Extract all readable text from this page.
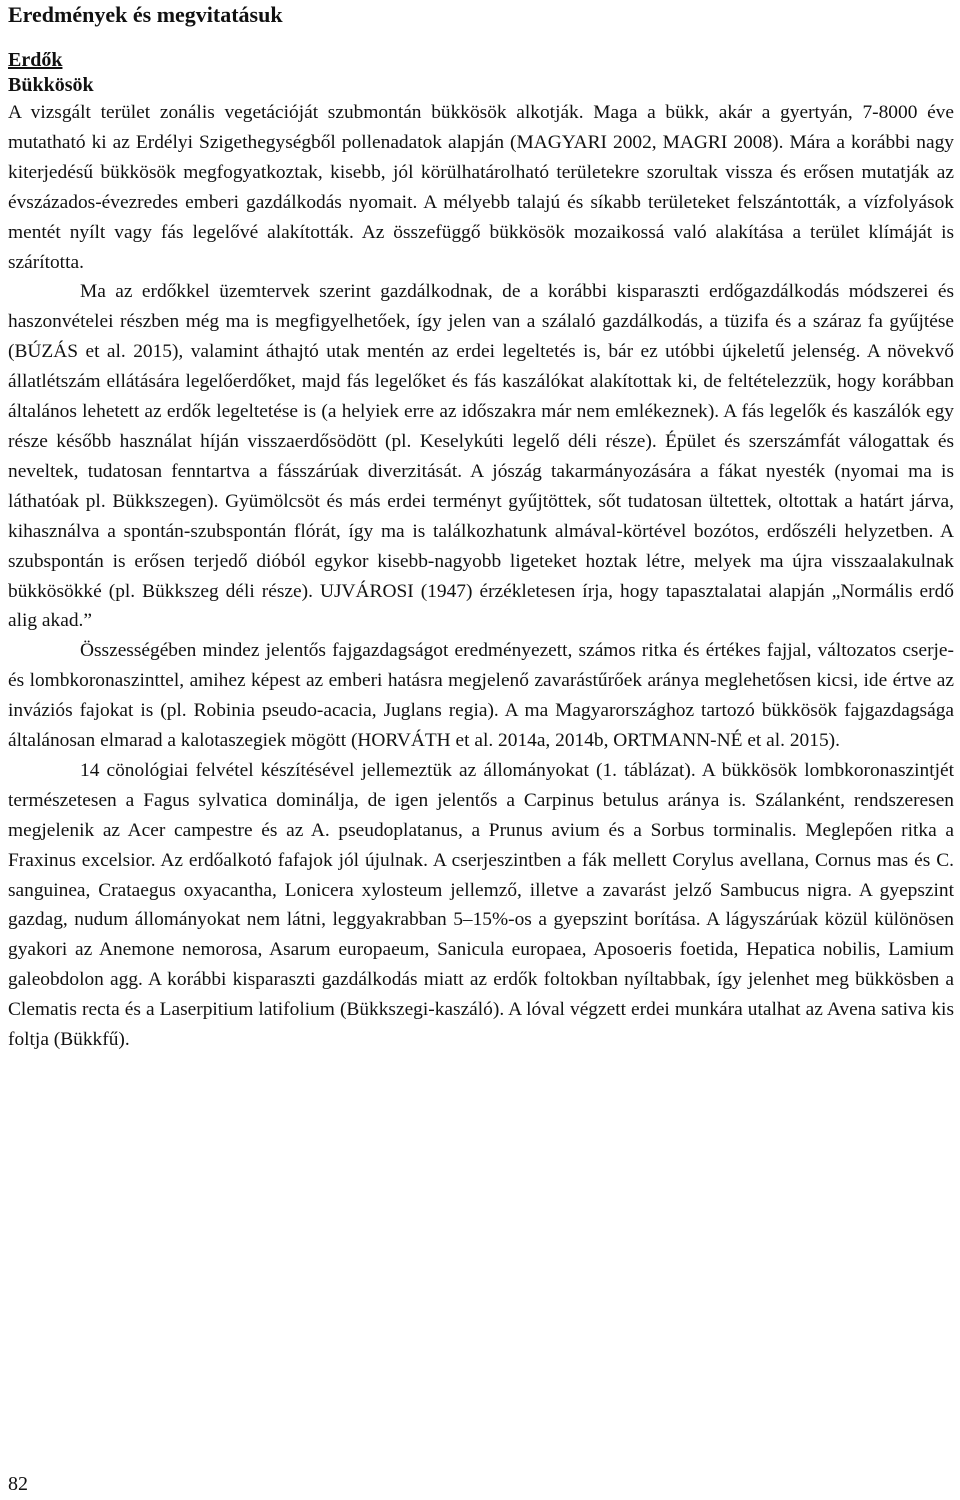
Eredmények és megvitatásuk
Erdők
Bükkösök

A vizsgált terület zonális vegetációját szubmontán bükkösök alkotják. Maga a bükk, akár a gyertyán, 7-8000 éve mutatható ki az Erdélyi Szigethegységből pollenadatok alapján (MAGYARI 2002, MAGRI 2008). Mára a korábbi nagy kiterjedésű bükkösök megfogyatkoztak, kisebb, jól körülhatárolható területekre szorultak vissza és erősen mutatják az évszázados-évezredes emberi gazdálkodás nyomait. A mélyebb talajú és síkabb területeket felszántották, a vízfolyások mentét nyílt vagy fás legelővé alakították. Az összefüggő bükkösök mozaikossá való alakítása a terület klímáját is szárította.

Ma az erdőkkel üzemtervek szerint gazdálkodnak, de a korábbi kisparaszti erdőgazdálkodás módszerei és haszonvételei részben még ma is megfigyelhetőek, így jelen van a szálaló gazdálkodás, a tüzifa és a száraz fa gyűjtése (BÚZÁS et al. 2015), valamint áthajtó utak mentén az erdei legeltetés is, bár ez utóbbi újkeletű jelenség. A növekvő állatlétszám ellátására legelőerdőket, majd fás legelőket és fás kaszálókat alakítottak ki, de feltételezzük, hogy korábban általános lehetett az erdők legeltetése is (a helyiek erre az időszakra már nem emlékeznek). A fás legelők és kaszálók egy része később használat híján visszaerdősödött (pl. Keselykúti legelő déli része). Épület és szerszámfát válogattak és neveltek, tudatosan fenntartva a fásszárúak diverzitását. A jószág takarmányozására a fákat nyesték (nyomai ma is láthatóak pl. Bükkszegen). Gyümölcsöt és más erdei terményt gyűjtöttek, sőt tudatosan ültettek, oltottak a határt járva, kihasználva a spontán-szubspontán flórát, így ma is találkozhatunk almával-körtével bozótos, erdőszéli helyzetben. A szubspontán is erősen terjedő dióból egykor kisebb-nagyobb ligeteket hoztak létre, melyek ma újra visszaalakulnak bükkösökké (pl. Bükkszeg déli része). UJVÁROSI (1947) érzékletesen írja, hogy tapasztalatai alapján „Normális erdő alig akad.”

Összességében mindez jelentős fajgazdagságot eredményezett, számos ritka és értékes fajjal, változatos cserje- és lombkoronaszinttel, amihez képest az emberi hatásra megjelenő zavarástűrőek aránya meglehetősen kicsi, ide értve az inváziós fajokat is (pl. Robinia pseudo-acacia, Juglans regia). A ma Magyarországhoz tartozó bükkösök fajgazdagsága általánosan elmarad a kalotaszegiek mögött (HORVÁTH et al. 2014a, 2014b, ORTMANN-NÉ et al. 2015).

14 cönológiai felvétel készítésével jellemeztük az állományokat (1. táblázat). A bükkösök lombkoronaszintjét természetesen a Fagus sylvatica dominálja, de igen jelentős a Carpinus betulus aránya is. Szálanként, rendszeresen megjelenik az Acer campestre és az A. pseudoplatanus, a Prunus avium és a Sorbus torminalis. Meglepően ritka a Fraxinus excelsior. Az erdőalkotó fafajok jól újulnak. A cserjeszintben a fák mellett Corylus avellana, Cornus mas és C. sanguinea, Crataegus oxyacantha, Lonicera xylosteum jellemző, illetve a zavarást jelző Sambucus nigra. A gyepszint gazdag, nudum állományokat nem látni, leggyakrabban 5–15%-os a gyepszint borítása. A lágyszárúak közül különösen gyakori az Anemone nemorosa, Asarum europaeum, Sanicula europaea, Aposoeris foetida, Hepatica nobilis, Lamium galeobdolon agg. A korábbi kisparaszti gazdálkodás miatt az erdők foltokban nyíltabbak, így jelenhet meg bükkösben a Clematis recta és a Laserpitium latifolium (Bükkszegi-kaszáló). A lóval végzett erdei munkára utalhat az Avena sativa kis foltja (Bükkfű).

82
